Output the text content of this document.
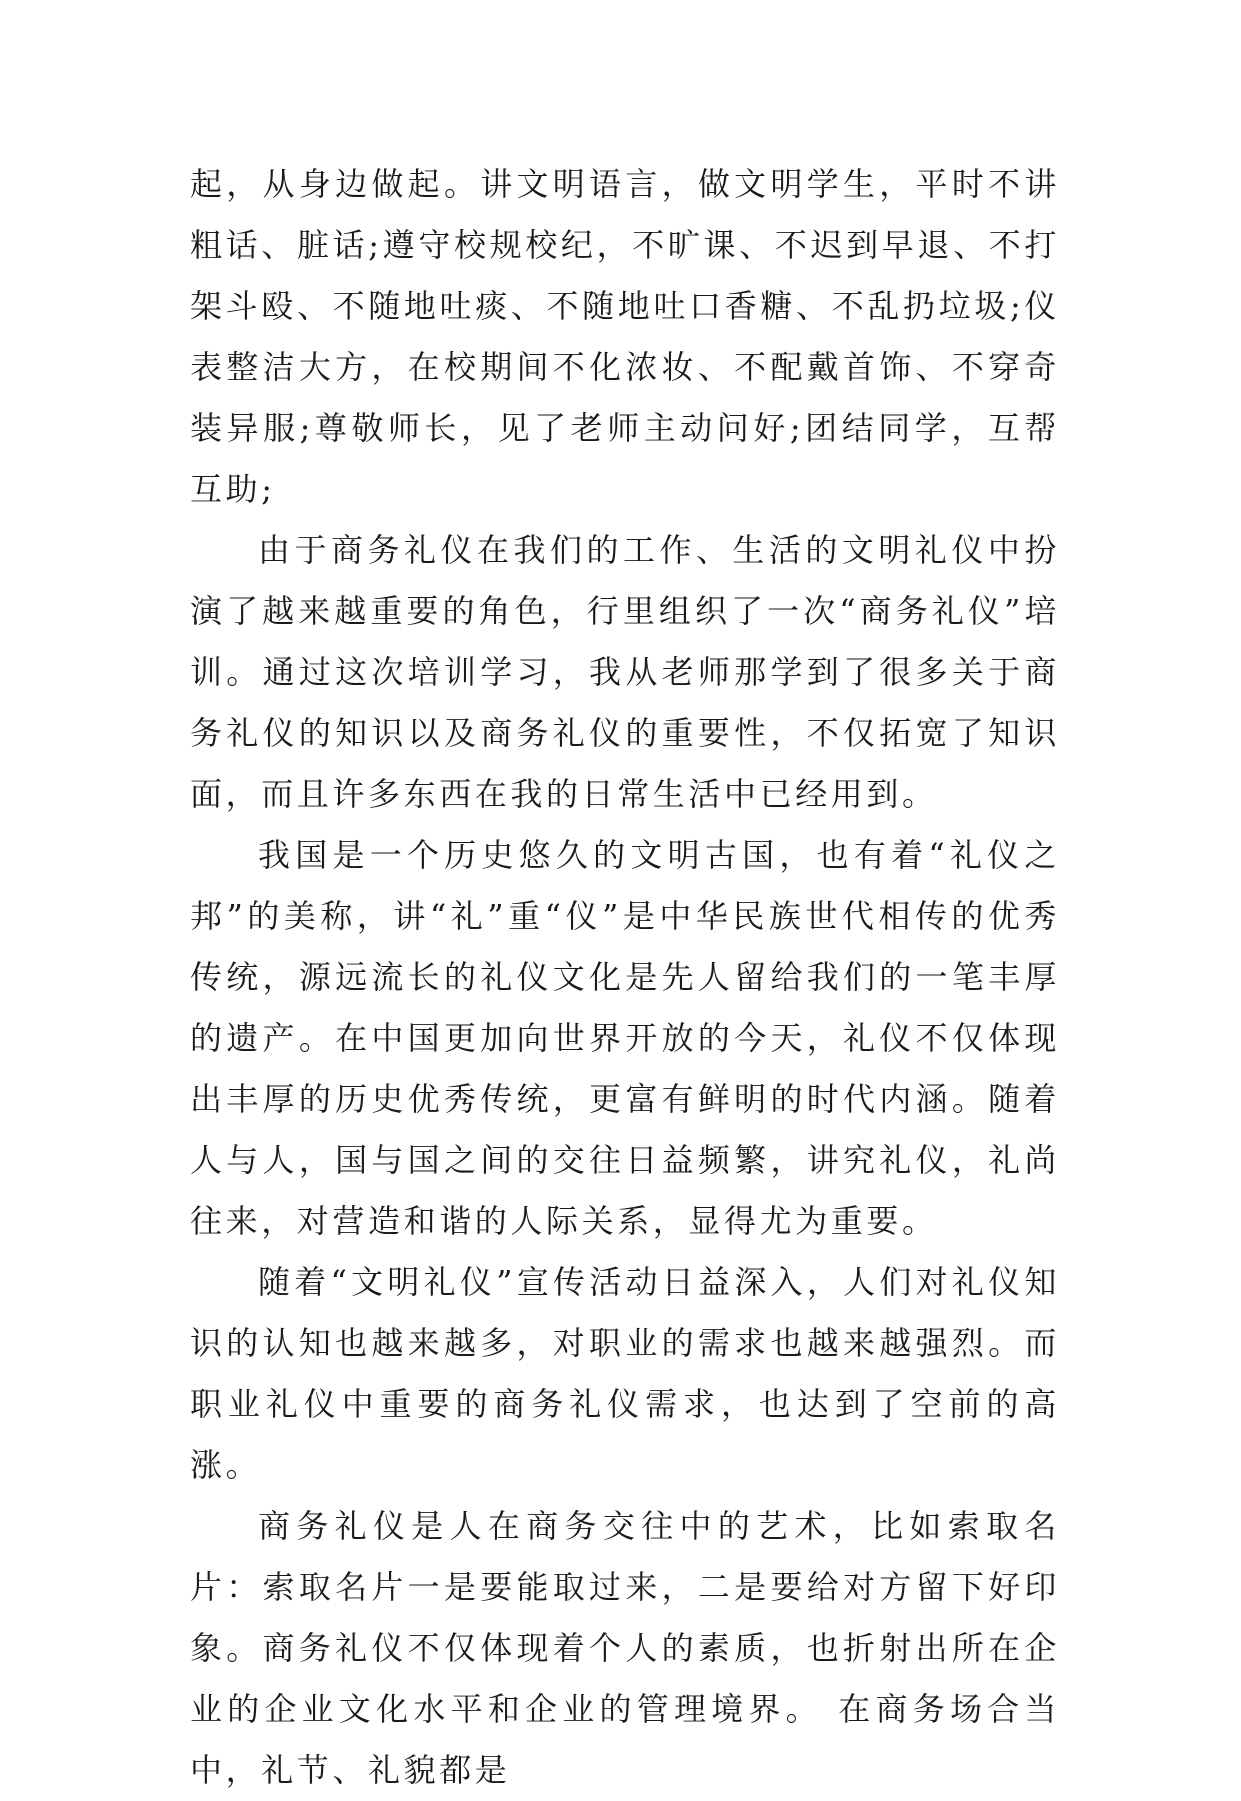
起，从身边做起。讲文明语言，做文明学生，平时不讲粗话、脏话;遵守校规校纪，不旷课、不迟到早退、不打架斗殴、不随地吐痰、不随地吐口香糖、不乱扔垃圾;仪表整洁大方，在校期间不化浓妆、不配戴首饰、不穿奇装异服;尊敬师长，见了老师主动问好;团结同学，互帮互助;

由于商务礼仪在我们的工作、生活的文明礼仪中扮演了越来越重要的角色，行里组织了一次“商务礼仪”培训。通过这次培训学习，我从老师那学到了很多关于商务礼仪的知识以及商务礼仪的重要性，不仅拓宽了知识面，而且许多东西在我的日常生活中已经用到。

我国是一个历史悠久的文明古国，也有着“礼仪之邦”的美称，讲“礼”重“仪”是中华民族世代相传的优秀传统，源远流长的礼仪文化是先人留给我们的一笔丰厚的遗产。在中国更加向世界开放的今天，礼仪不仅体现出丰厚的历史优秀传统，更富有鲜明的时代内涵。随着人与人，国与国之间的交往日益频繁，讲究礼仪，礼尚往来，对营造和谐的人际关系，显得尤为重要。

随着“文明礼仪”宣传活动日益深入，人们对礼仪知识的认知也越来越多，对职业的需求也越来越强烈。而职业礼仪中重要的商务礼仪需求，也达到了空前的高涨。

商务礼仪是人在商务交往中的艺术，比如索取名片：索取名片一是要能取过来，二是要给对方留下好印象。商务礼仪不仅体现着个人的素质，也折射出所在企业的企业文化水平和企业的管理境界。 在商务场合当中，礼节、礼貌都是
